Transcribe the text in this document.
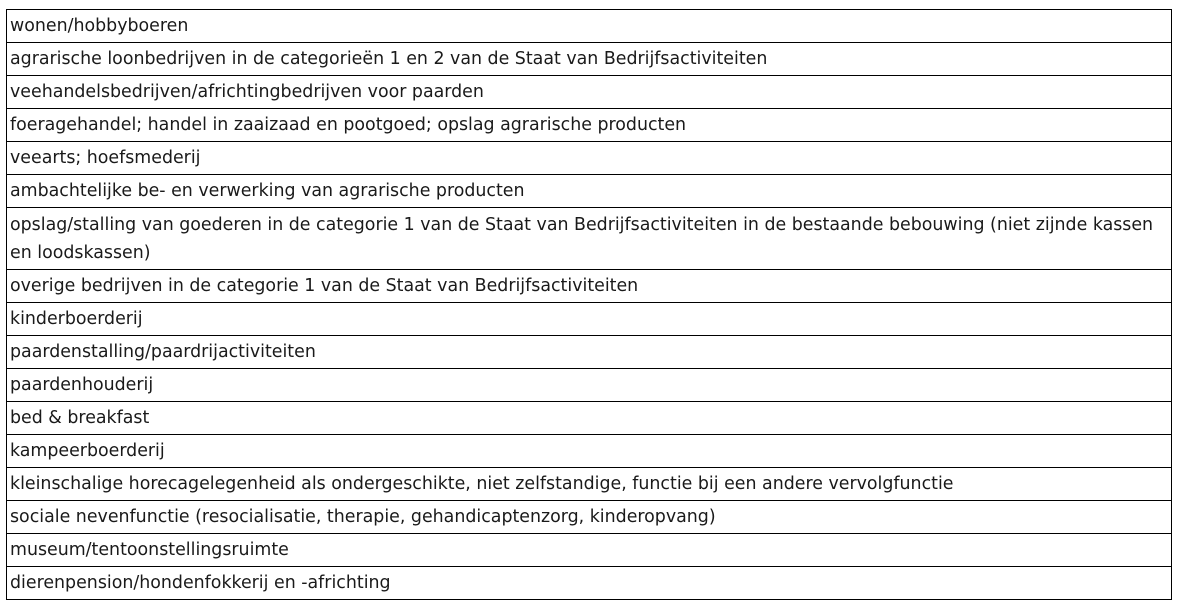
wonen/hobbyboeren
agrarische loonbedrijven in de categorieën 1 en 2 van de Staat van Bedrijfsactiviteiten
veehandelsbedrijven/africhtingbedrijven voor paarden
foeragehandel; handel in zaaizaad en pootgoed; opslag agrarische producten
veearts; hoefsmederij
ambachtelijke be- en verwerking van agrarische producten
opslag/stalling van goederen in de categorie 1 van de Staat van Bedrijfsactiviteiten in de bestaande bebouwing (niet zijnde kassen en loodskassen)
overige bedrijven in de categorie 1 van de Staat van Bedrijfsactiviteiten
kinderboerderij
paardenstalling/paardrijactiviteiten
paardenhouderij
bed & breakfast
kampeerboerderij
kleinschalige horecagelegenheid als ondergeschikte, niet zelfstandige, functie bij een andere vervolgfunctie
sociale nevenfunctie (resocialisatie, therapie, gehandicaptenzorg, kinderopvang)
museum/tentoonstellingsruimte
dierenpension/hondenfokkerij en -africhting
